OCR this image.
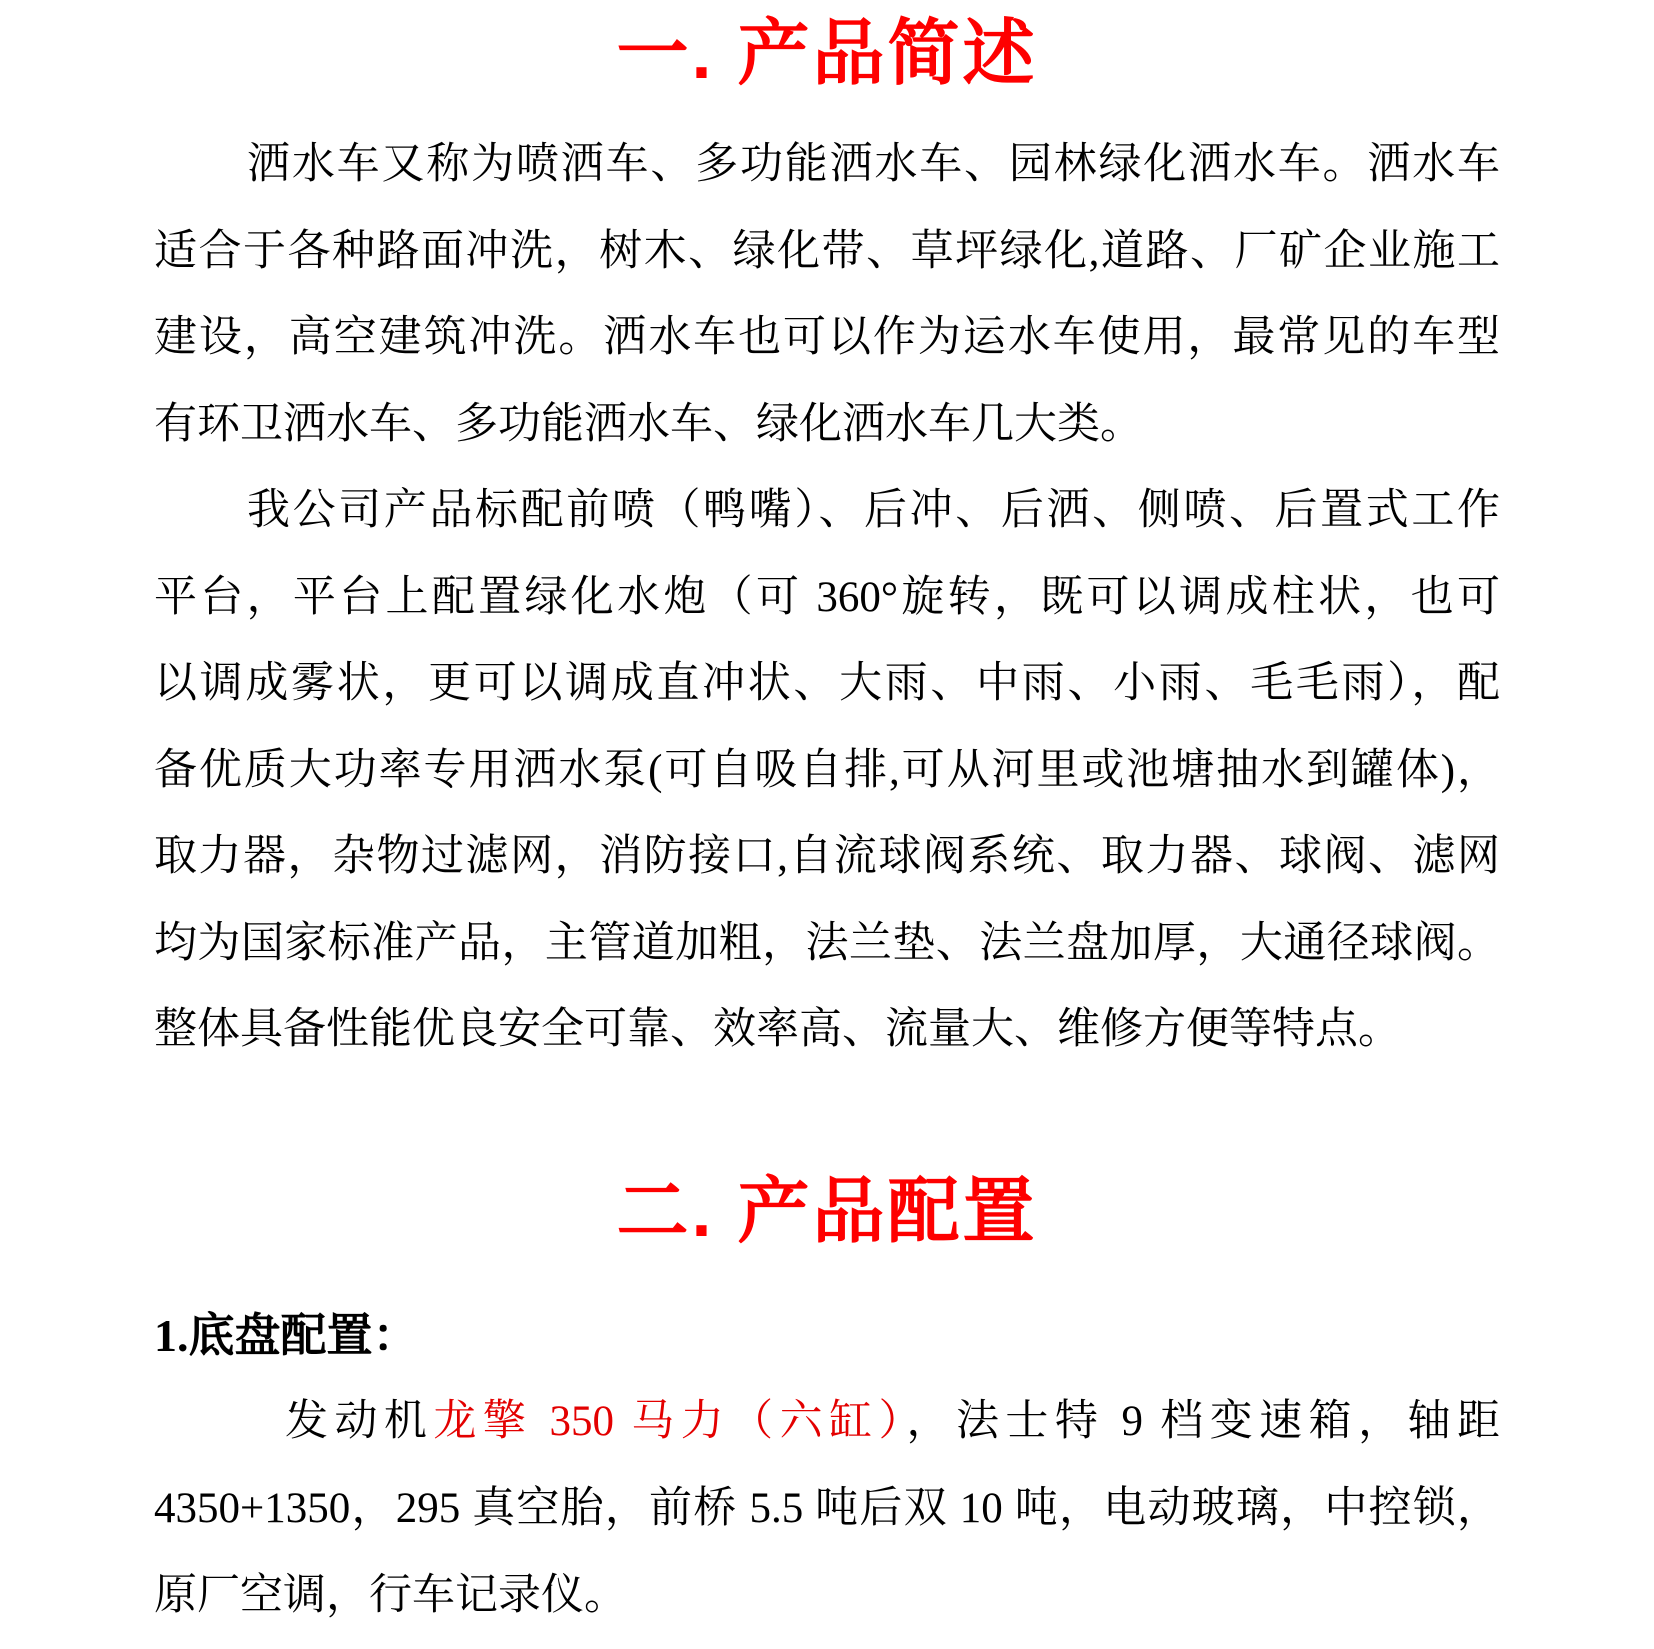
一. 产品简述
洒水车又称为喷洒车、多功能洒水车、园林绿化洒水车。洒水车
适合于各种路面冲洗，树木、绿化带、草坪绿化,道路、厂矿企业施工
建设，高空建筑冲洗。洒水车也可以作为运水车使用，最常见的车型
有环卫洒水车、多功能洒水车、绿化洒水车几大类。
我公司产品标配前喷（鸭嘴）、后冲、后洒、侧喷、后置式工作
平台，平台上配置绿化水炮（可 360°旋转，既可以调成柱状，也可
以调成雾状，更可以调成直冲状、大雨、中雨、小雨、毛毛雨），配
备优质大功率专用洒水泵(可自吸自排,可从河里或池塘抽水到罐体)，
取力器，杂物过滤网，消防接口,自流球阀系统、取力器、球阀、滤网
均为国家标准产品，主管道加粗，法兰垫、法兰盘加厚，大通径球阀。
整体具备性能优良安全可靠、效率高、流量大、维修方便等特点。
二. 产品配置
1.底盘配置：
发动机龙擎 350 马力（六缸），法士特 9 档变速箱，轴距
4350+1350，295 真空胎，前桥 5.5 吨后双 10 吨，电动玻璃，中控锁，
原厂空调，行车记录仪。
